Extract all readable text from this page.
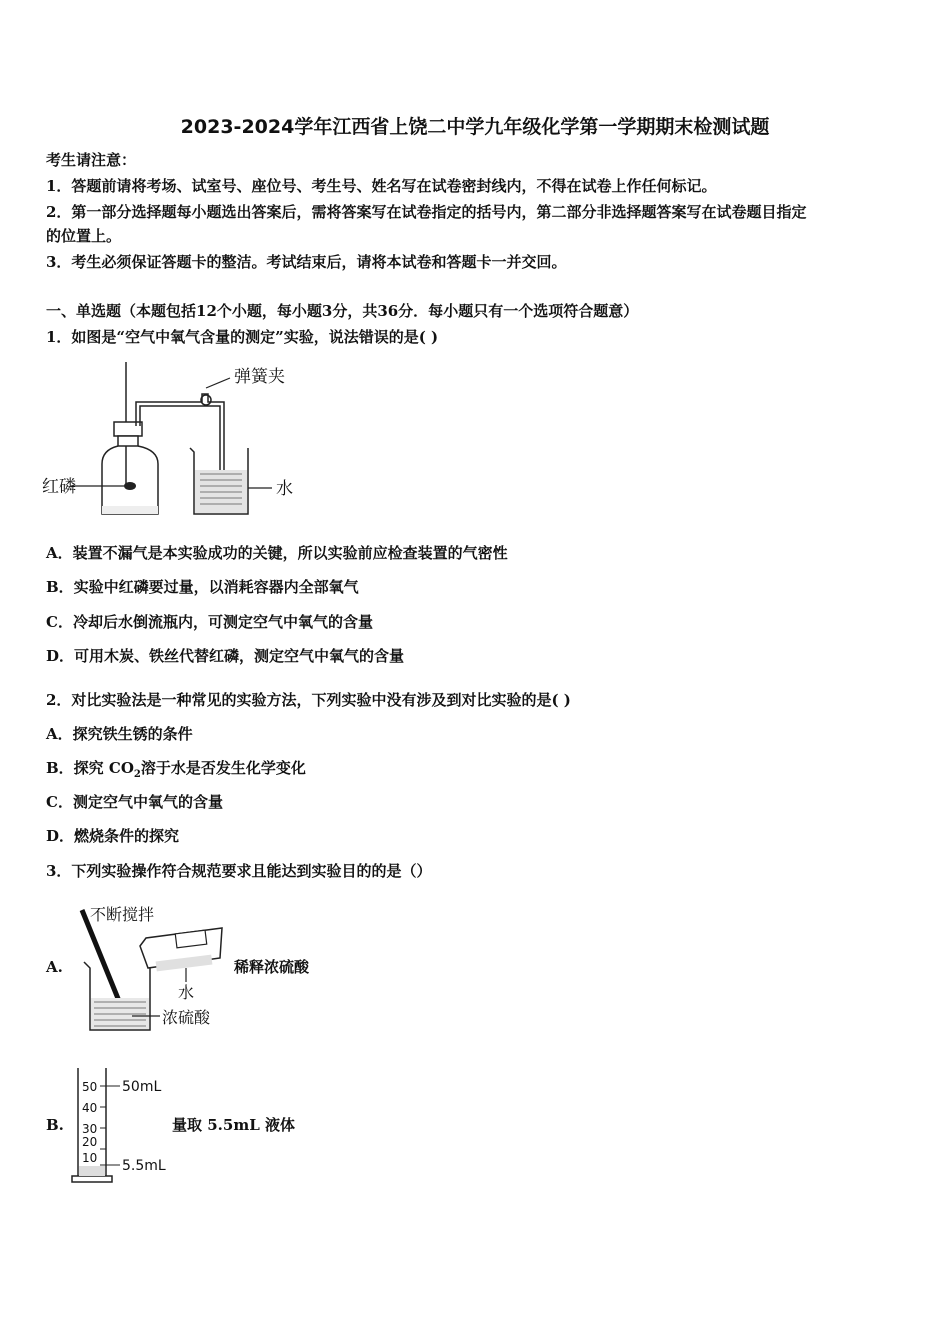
2023-2024学年江西省上饶二中学九年级化学第一学期期末检测试题
考生请注意：
1．答题前请将考场、试室号、座位号、考生号、姓名写在试卷密封线内，不得在试卷上作任何标记。
2．第一部分选择题每小题选出答案后，需将答案写在试卷指定的括号内，第二部分非选择题答案写在试卷题目指定
的位置上。
3．考生必须保证答题卡的整洁。考试结束后，请将本试卷和答题卡一并交回。
一、单选题（本题包括12个小题，每小题3分，共36分．每小题只有一个选项符合题意）
1．如图是“空气中氧气含量的测定”实验，说法错误的是( )
红磷
弹簧夹
水
A．装置不漏气是本实验成功的关键，所以实验前应检查装置的气密性
B．实验中红磷要过量，以消耗容器内全部氧气
C．冷却后水倒流瓶内，可测定空气中氧气的含量
D．可用木炭、铁丝代替红磷，测定空气中氧气的含量
2．对比实验法是一种常见的实验方法，下列实验中没有涉及到对比实验的是( )
A．探究铁生锈的条件
B．探究 $CO_2$溶于水是否发生化学变化
C．测定空气中氧气的含量
D．燃烧条件的探究
3．下列实验操作符合规范要求且能达到实验目的的是（）
A.
不断搅拌
水
浓硫酸
稀释浓硫酸
B.
50
40
30
20
10
50mL
5.5mL
量取 5.5mL 液体
